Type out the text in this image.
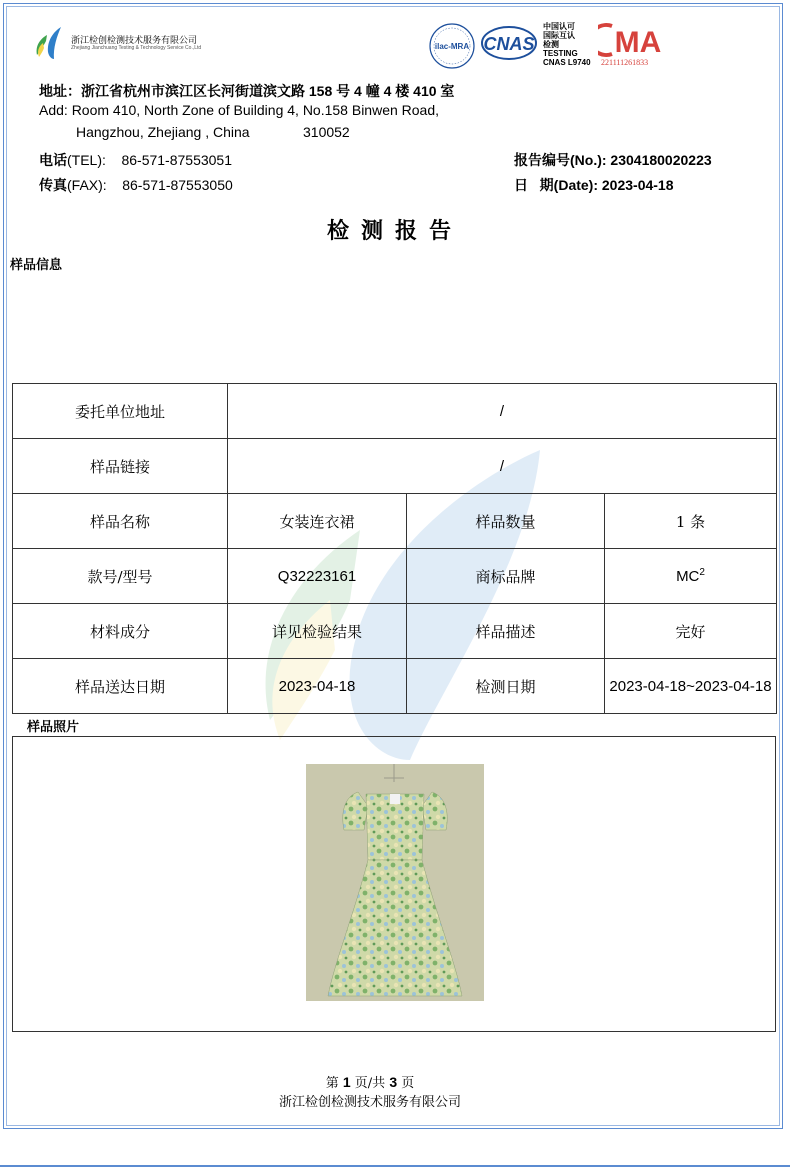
浙江检创检测技术服务有限公司
Zhejiang Jianchuang Testing & Technology Service Co.,Ltd	ilac-MRA CNAS
中国认可
国际互认
检测
TESTING
CNAS L9740
MA
221111261833
地址：浙江省杭州市滨江区长河街道滨文路 158 号 4 幢 4 楼 410 室
Add: Room 410, North Zone of Building 4, No.158 Binwen Road,
Hangzhou, Zhejiang , China	310052
电话(TEL): 86-571-87553051
传真(FAX): 86-571-87553050
报告编号(No.): 2304180020223
日   期(Date): 2023-04-18
检测报告
样品信息
委托单位地址	/		
样品链接	/		
样品名称	女装连衣裙	样品数量	1 条
款号/型号	Q32223161	商标品牌	$MC^2$
材料成分	详见检验结果	样品描述	完好
样品送达日期	2023-04-18	检测日期	2023-04-18~2023-04-18
样品照片
第 1 页/共 3 页
浙江检创检测技术服务有限公司
